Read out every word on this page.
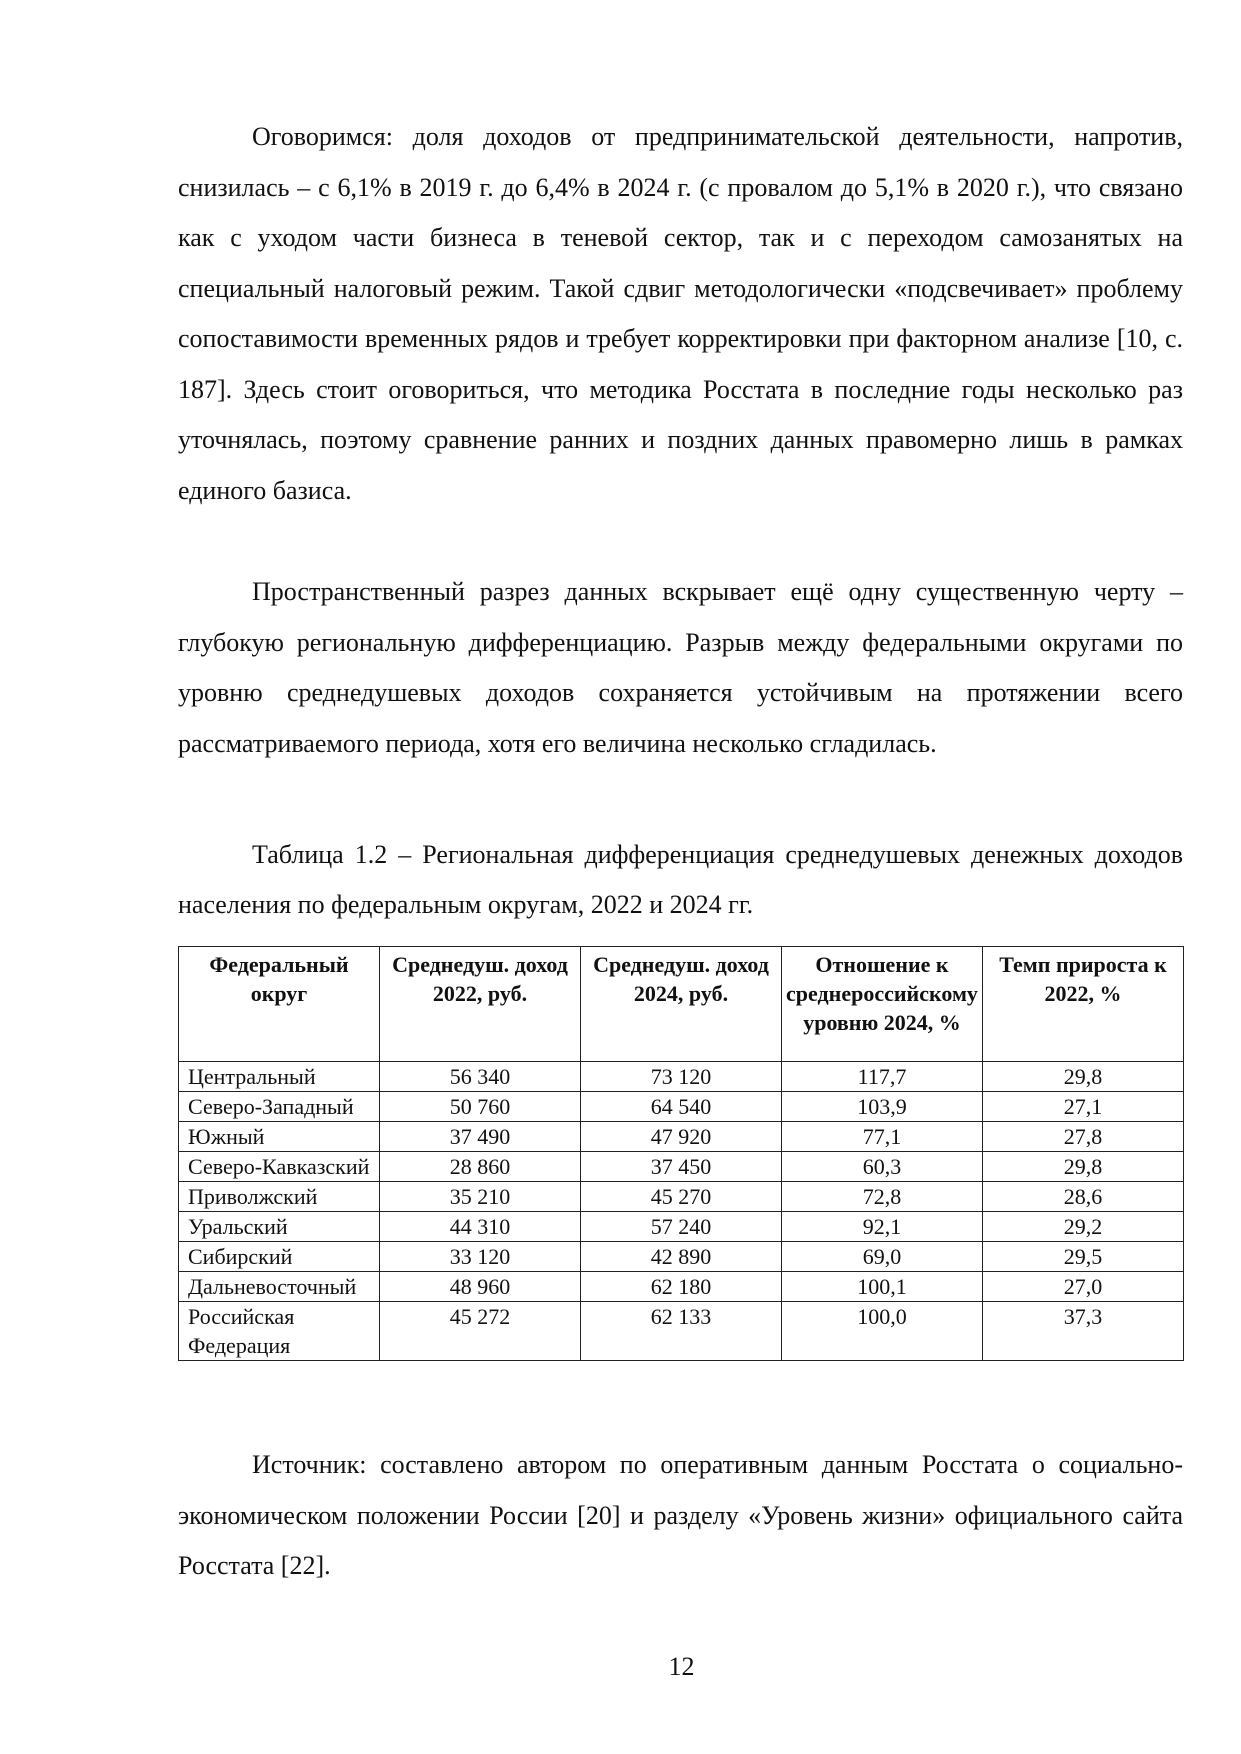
Оговоримся: доля доходов от предпринимательской деятельности, напротив, снизилась – с 6,1% в 2019 г. до 6,4% в 2024 г. (с провалом до 5,1% в 2020 г.), что связано как с уходом части бизнеса в теневой сектор, так и с переходом самозанятых на специальный налоговый режим. Такой сдвиг методологически «подсвечивает» проблему сопоставимости временных рядов и требует корректировки при факторном анализе [10, с. 187]. Здесь стоит оговориться, что методика Росстата в последние годы несколько раз уточнялась, поэтому сравнение ранних и поздних данных правомерно лишь в рамках единого базиса.

Пространственный разрез данных вскрывает ещё одну существенную черту – глубокую региональную дифференциацию. Разрыв между федеральными округами по уровню среднедушевых доходов сохраняется устойчивым на протяжении всего рассматриваемого периода, хотя его величина несколько сгладилась.

Таблица 1.2 – Региональная дифференциация среднедушевых денежных доходов населения по федеральным округам, 2022 и 2024 гг.

Федеральный округ	Среднедуш. доход 2022, руб.	Среднедуш. доход 2024, руб.	Отношение к среднероссийскому уровню 2024, %	Темп прироста к 2022, %
Центральный	56 340	73 120	117,7	29,8
Северо-Западный	50 760	64 540	103,9	27,1
Южный	37 490	47 920	77,1	27,8
Северо-Кавказский	28 860	37 450	60,3	29,8
Приволжский	35 210	45 270	72,8	28,6
Уральский	44 310	57 240	92,1	29,2
Сибирский	33 120	42 890	69,0	29,5
Дальневосточный	48 960	62 180	100,1	27,0
Российская Федерация	45 272	62 133	100,0	37,3

Источник: составлено автором по оперативным данным Росстата о социально-экономическом положении России [20] и разделу «Уровень жизни» официального сайта Росстата [22].

12
